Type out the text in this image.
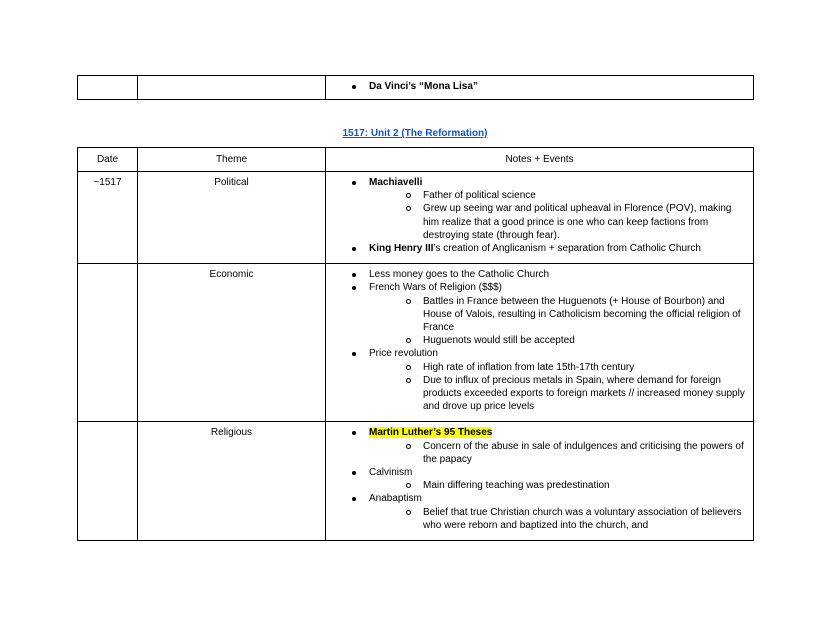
Da Vinci’s “Mona Lisa”
1517: Unit 2 (The Reformation)
Date	Theme	Notes + Events
~1517	Political	Machiavelli
Father of political science
Grew up seeing war and political upheaval in Florence (POV), making him realize that a good prince is one who can keep factions from destroying state (through fear).
King Henry III’s creation of Anglicanism + separation from Catholic Church

	Economic	Less money goes to the Catholic Church
French Wars of Religion ($$$)
Battles in France between the Huguenots (+ House of Bourbon) and House of Valois, resulting in Catholicism becoming the official religion of France
Huguenots would still be accepted
Price revolution
High rate of inflation from late 15th-17th century
Due to influx of precious metals in Spain, where demand for foreign products exceeded exports to foreign markets // increased money supply and drove up price levels

	Religious	Martin Luther’s 95 Theses
Concern of the abuse in sale of indulgences and criticising the powers of the papacy
Calvinism
Main differing teaching was predestination
Anabaptism
Belief that true Christian church was a voluntary association of believers who were reborn and baptized into the church, and
